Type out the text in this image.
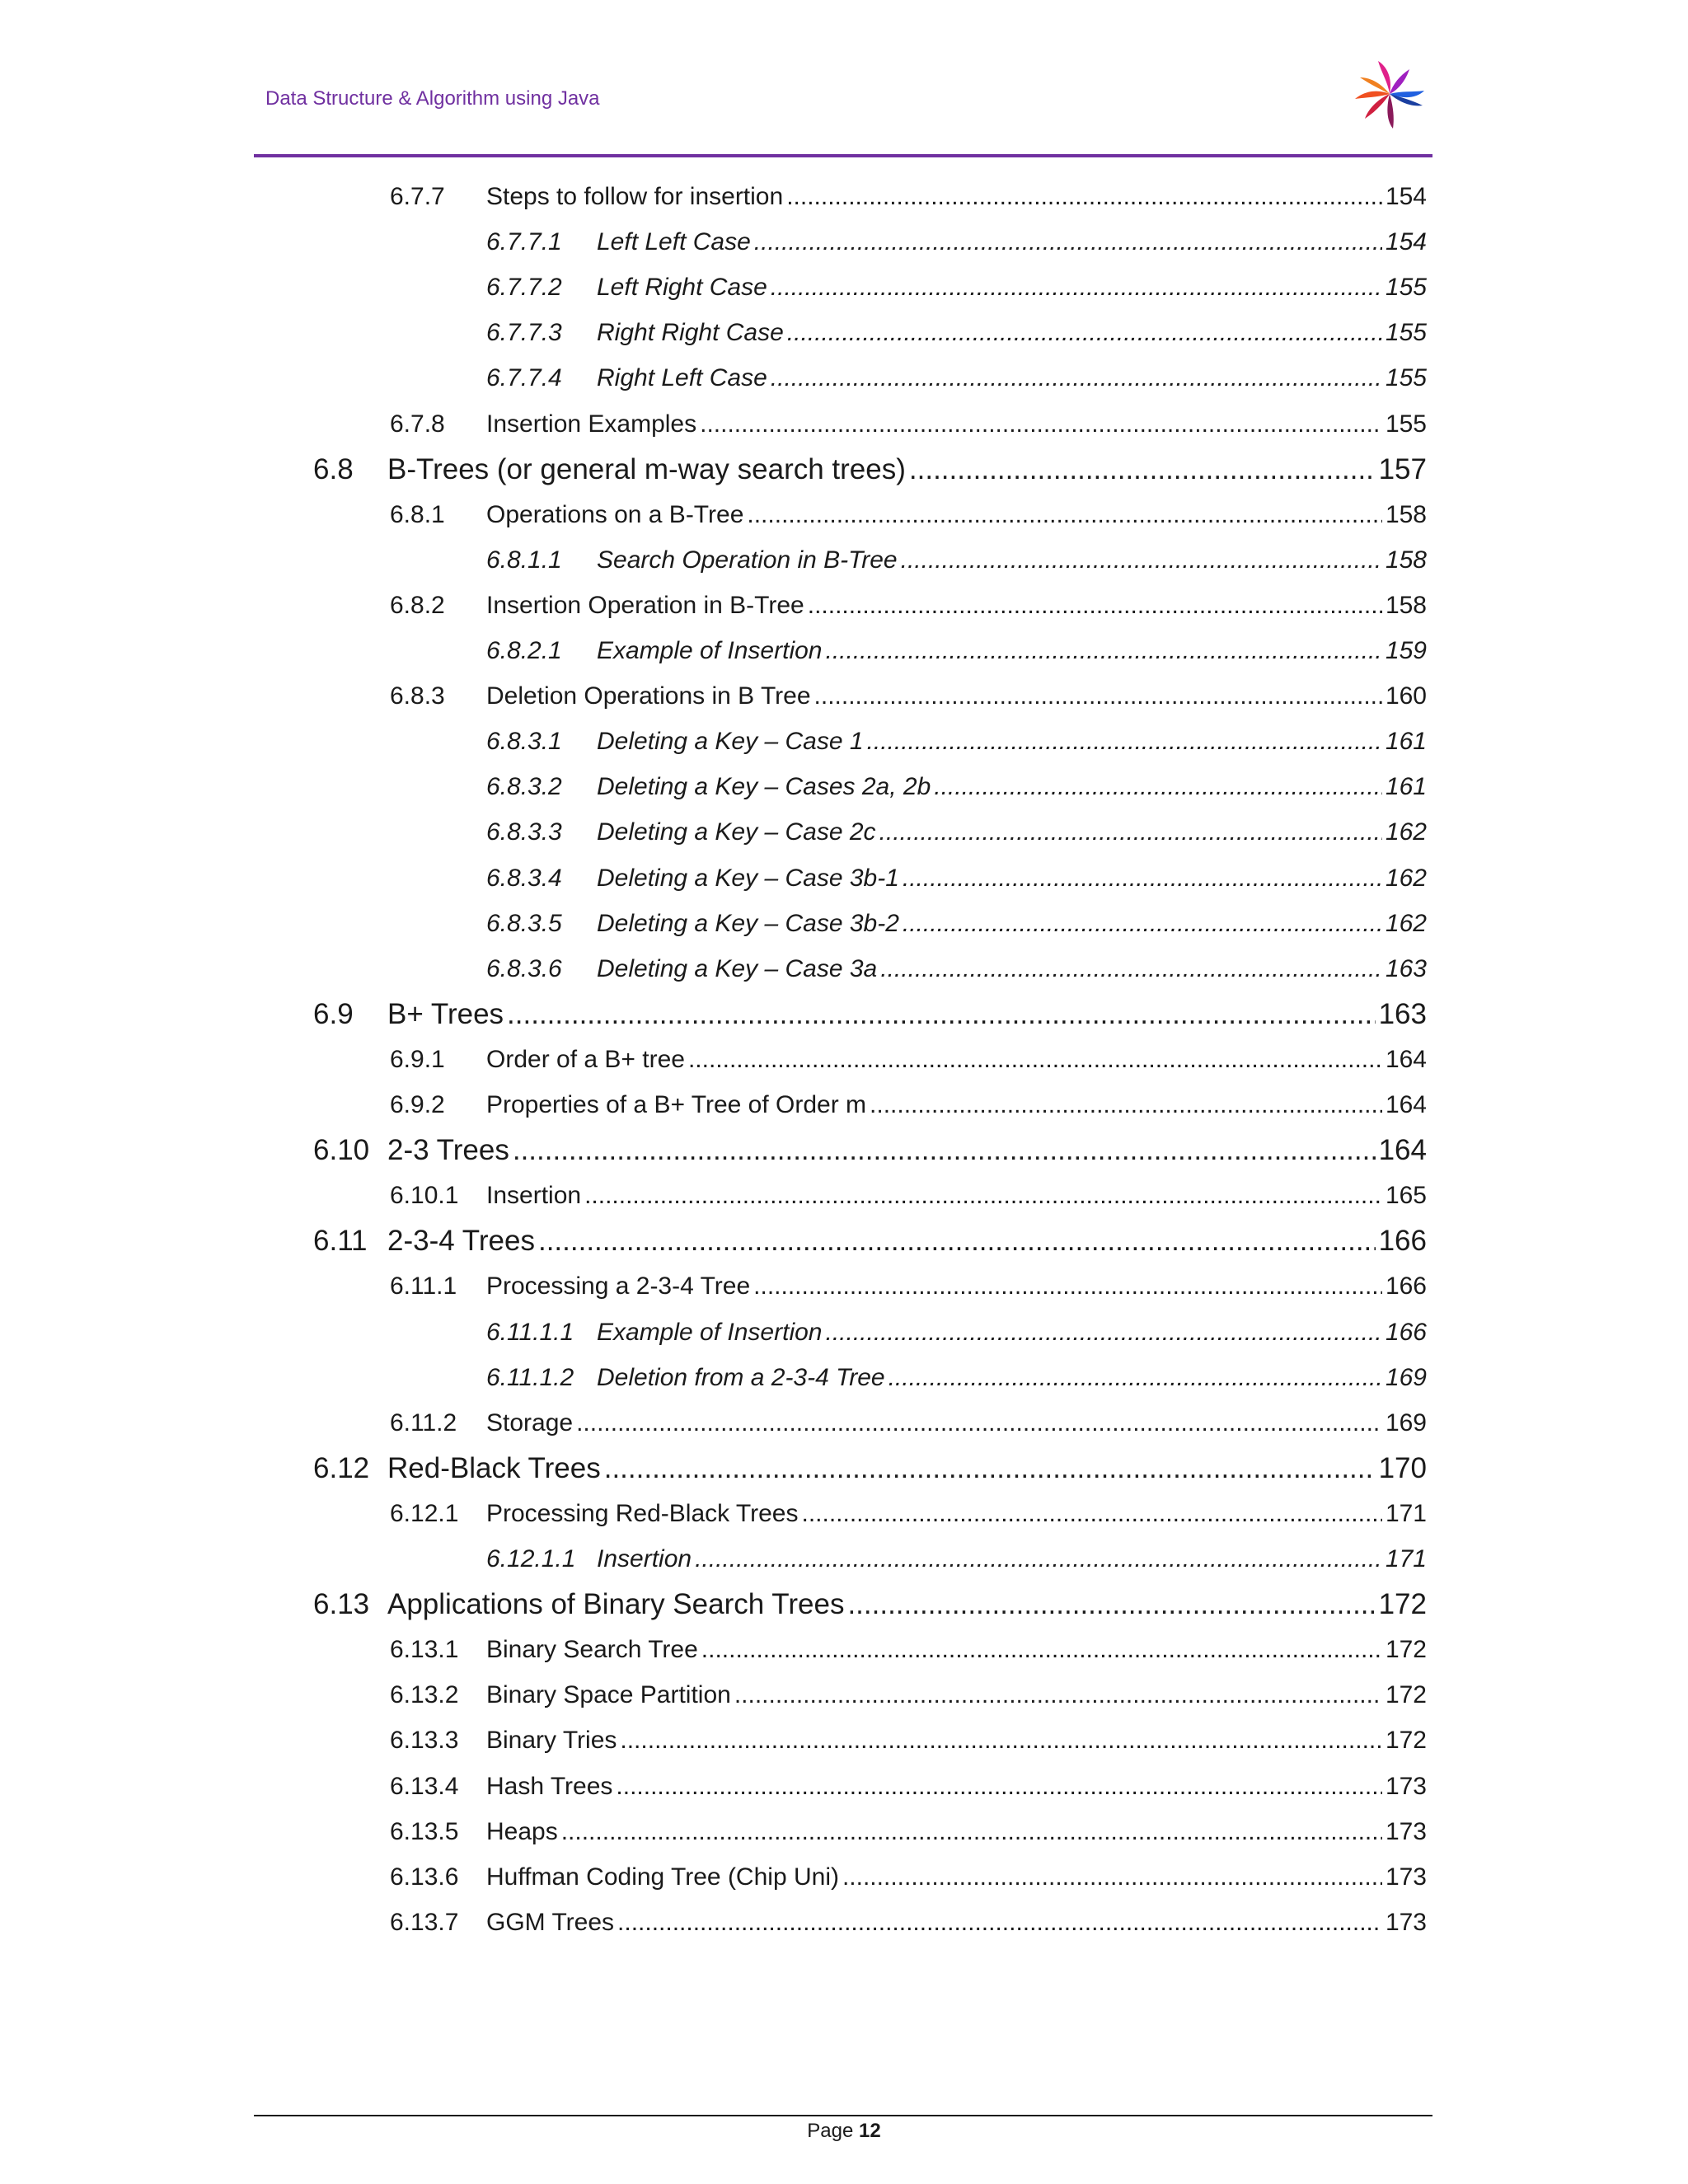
Data Structure & Algorithm using Java
6.7.7	Steps to follow for insertion .....	154
6.7.7.1	Left Left Case .....	154
6.7.7.2	Left Right Case .....	155
6.7.7.3	Right Right Case .....	155
6.7.7.4	Right Left Case .....	155
6.7.8	Insertion Examples .....	155
6.8	B-Trees (or general m-way search trees) .....	157
6.8.1	Operations on a B-Tree .....	158
6.8.1.1	Search Operation in B-Tree .....	158
6.8.2	Insertion Operation in B-Tree .....	158
6.8.2.1	Example of Insertion .....	159
6.8.3	Deletion Operations in B Tree .....	160
6.8.3.1	Deleting a Key – Case 1 .....	161
6.8.3.2	Deleting a Key – Cases 2a, 2b .....	161
6.8.3.3	Deleting a Key – Case 2c .....	162
6.8.3.4	Deleting a Key – Case 3b-1 .....	162
6.8.3.5	Deleting a Key – Case 3b-2 .....	162
6.8.3.6	Deleting a Key – Case 3a .....	163
6.9	B+ Trees .....	163
6.9.1	Order of a B+ tree .....	164
6.9.2	Properties of a B+ Tree of Order m .....	164
6.10 2-3 Trees .....	164
6.10.1	Insertion .....	165
6.11 2-3-4 Trees .....	166
6.11.1	Processing a 2-3-4 Tree .....	166
6.11.1.1 Example of Insertion .....	166
6.11.1.2 Deletion from a 2-3-4 Tree .....	169
6.11.2	Storage .....	169
6.12 Red-Black Trees .....	170
6.12.1	Processing Red-Black Trees .....	171
6.12.1.1 Insertion .....	171
6.13 Applications of Binary Search Trees .....	172
6.13.1	Binary Search Tree .....	172
6.13.2	Binary Space Partition .....	172
6.13.3	Binary Tries .....	172
6.13.4	Hash Trees .....	173
6.13.5	Heaps .....	173
6.13.6	Huffman Coding Tree (Chip Uni) .....	173
6.13.7	GGM Trees .....	173
Page 12
